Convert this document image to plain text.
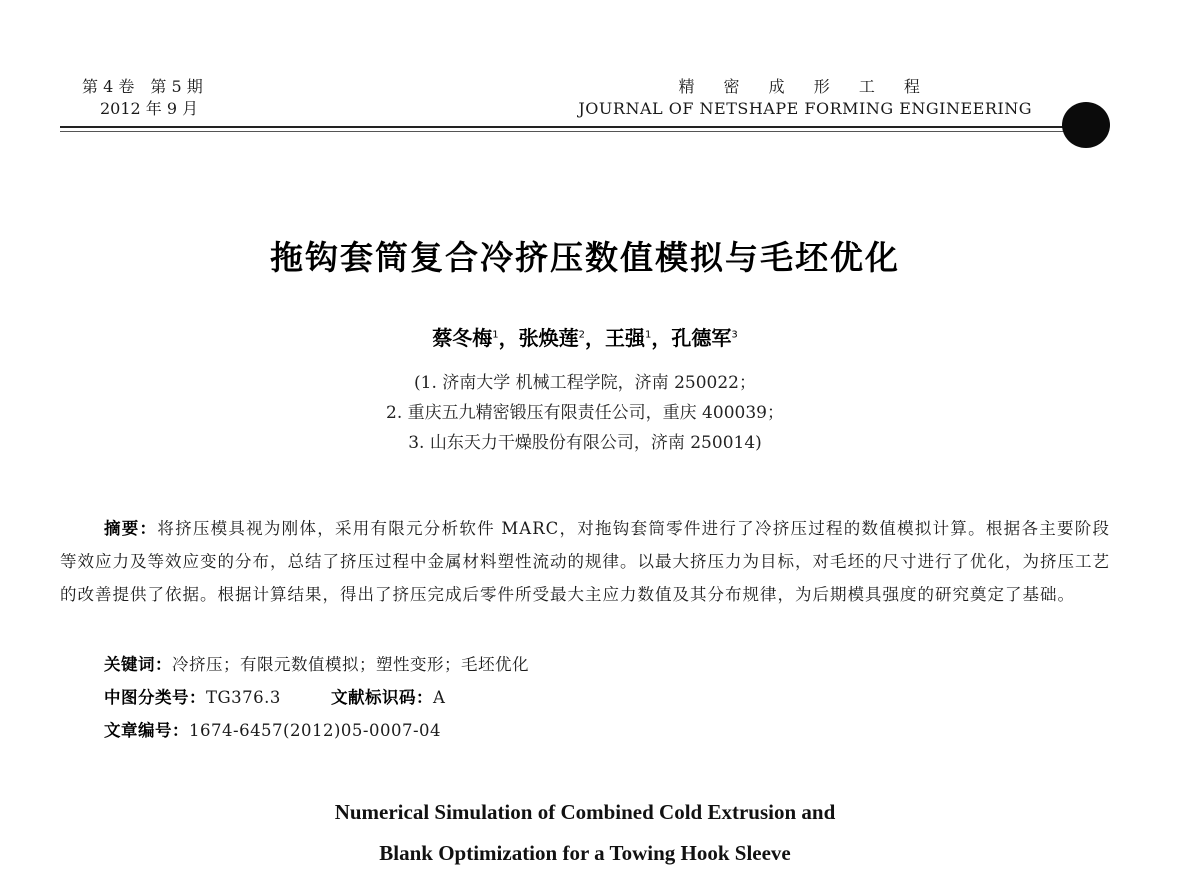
第 4 卷　第 5 期
2012 年 9 月
精 密 成 形 工 程
JOURNAL OF NETSHAPE FORMING ENGINEERING
拖钩套筒复合冷挤压数值模拟与毛坯优化
蔡冬梅$^1$，张焕莲$^2$，王强$^1$，孔德军$^3$
(1. 济南大学 机械工程学院，济南 250022；
2. 重庆五九精密锻压有限责任公司，重庆 400039；
3. 山东天力干燥股份有限公司，济南 250014)
摘要：将挤压模具视为刚体，采用有限元分析软件 MARC，对拖钩套筒零件进行了冷挤压过程的数值模拟计算。根据各主要阶段等效应力及等效应变的分布，总结了挤压过程中金属材料塑性流动的规律。以最大挤压力为目标，对毛坯的尺寸进行了优化，为挤压工艺的改善提供了依据。根据计算结果，得出了挤压完成后零件所受最大主应力数值及其分布规律，为后期模具强度的研究奠定了基础。
关键词：冷挤压；有限元数值模拟；塑性变形；毛坯优化
中图分类号：TG376.3	文献标识码：A
文章编号：1674-6457(2012)05-0007-04
Numerical Simulation of Combined Cold Extrusion and
Blank Optimization for a Towing Hook Sleeve
